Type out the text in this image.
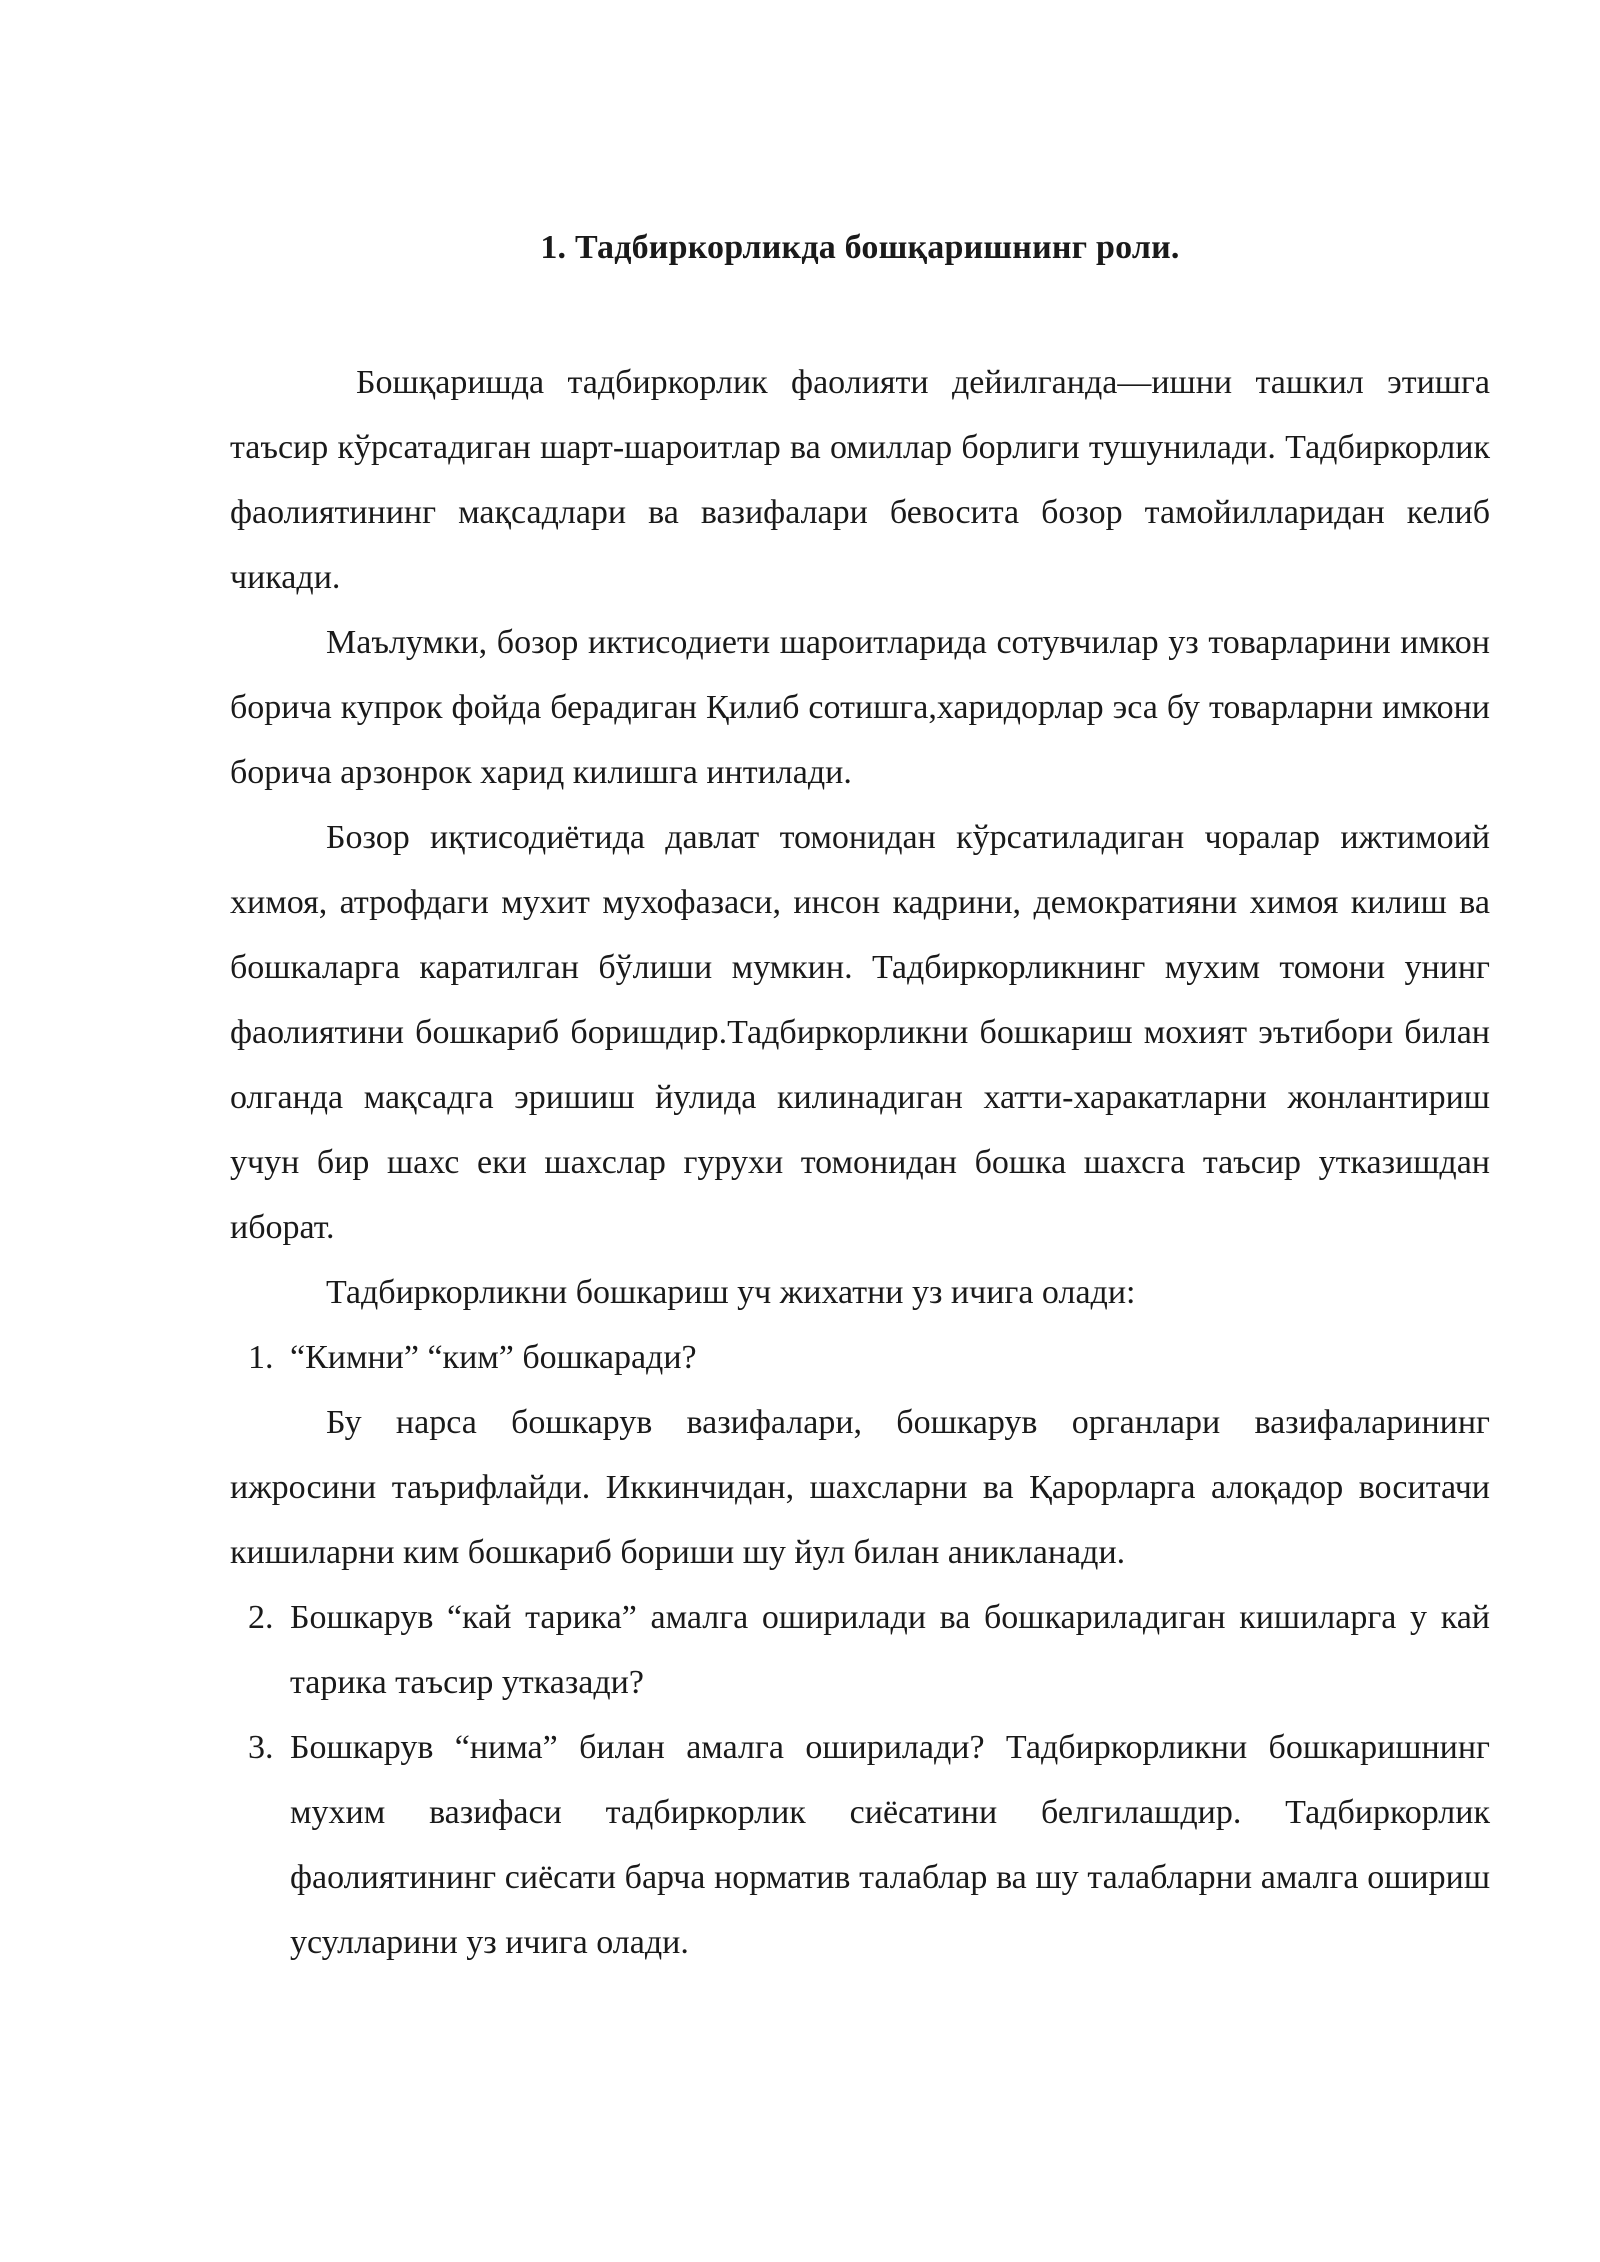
1. Тадбиркорликда бошқаришнинг роли.

Бошқаришда тадбиркорлик фаолияти дейилганда—ишни ташкил этишга таъсир кўрсатадиган шарт-шароитлар ва омиллар борлиги тушунилади. Тадбиркорлик фаолиятининг мақсадлари ва вазифалари бевосита бозор тамойилларидан келиб чикади.

Маълумки, бозор иктисодиети шароитларида сотувчилар уз товарларини имкон борича купрок фойда берадиган Қилиб сотишга,харидорлар эса бу товарларни имкони борича арзонрок харид килишга интилади.

Бозор иқтисодиётида давлат томонидан кўрсатиладиган чоралар ижтимоий химоя, атрофдаги мухит мухофазаси, инсон кадрини, демократияни химоя килиш ва бошкаларга каратилган бўлиши мумкин. Тадбиркорликнинг мухим томони унинг фаолиятини бошкариб боришдир.Тадбиркорликни бошкариш мохият эътибори билан олганда мақсадга эришиш йулида килинадиган хатти-харакатларни жонлантириш учун бир шахс еки шахслар гурухи томонидан бошка шахсга таъсир утказишдан иборат.

Тадбиркорликни бошкариш уч жихатни уз ичига олади:

1. “Кимни” “ким” бошкаради?

Бу нарса бошкарув вазифалари, бошкарув органлари вазифаларининг ижросини таърифлайди. Иккинчидан, шахсларни ва Қарорларга алоқадор воситачи кишиларни ким бошкариб бориши шу йул билан аникланади.

2. Бошкарув “кай тарика” амалга оширилади ва бошкариладиган кишиларга у кай тарика таъсир утказади?
3. Бошкарув “нима” билан амалга оширилади? Тадбиркорликни бошкаришнинг мухим вазифаси тадбиркорлик сиёсатини белгилашдир. Тадбиркорлик фаолиятининг сиёсати барча норматив талаблар ва шу талабларни амалга ошириш усулларини уз ичига олади.
